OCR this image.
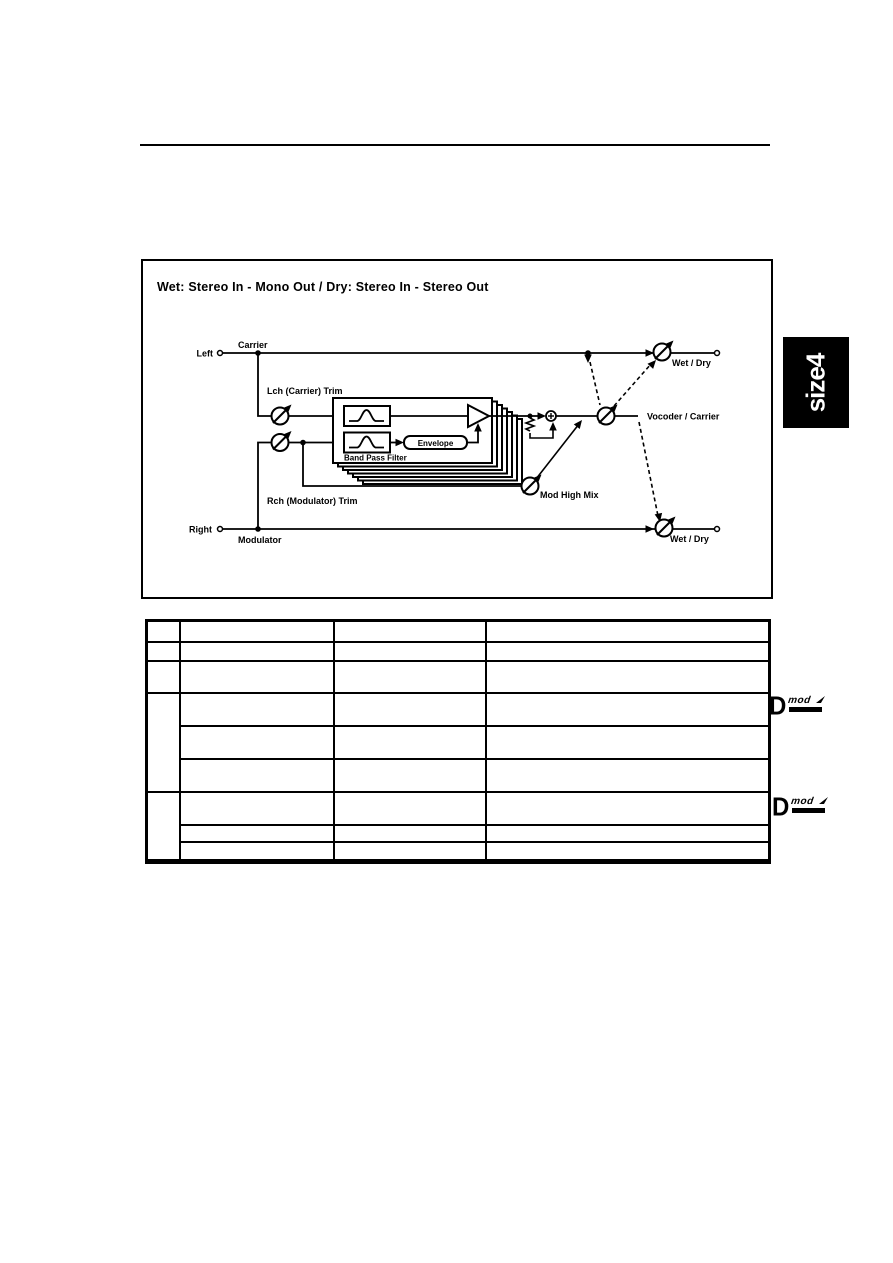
Wet: Stereo In - Mono Out / Dry: Stereo In - Stereo Out
Envelope
Band Pass Filter
Left
Carrier
Lch (Carrier) Trim
Rch (Modulator) Trim
Mod High Mix
Vocoder / Carrier
Wet / Dry
Wet / Dry
Right
Modulator
size4

D mod
D mod
